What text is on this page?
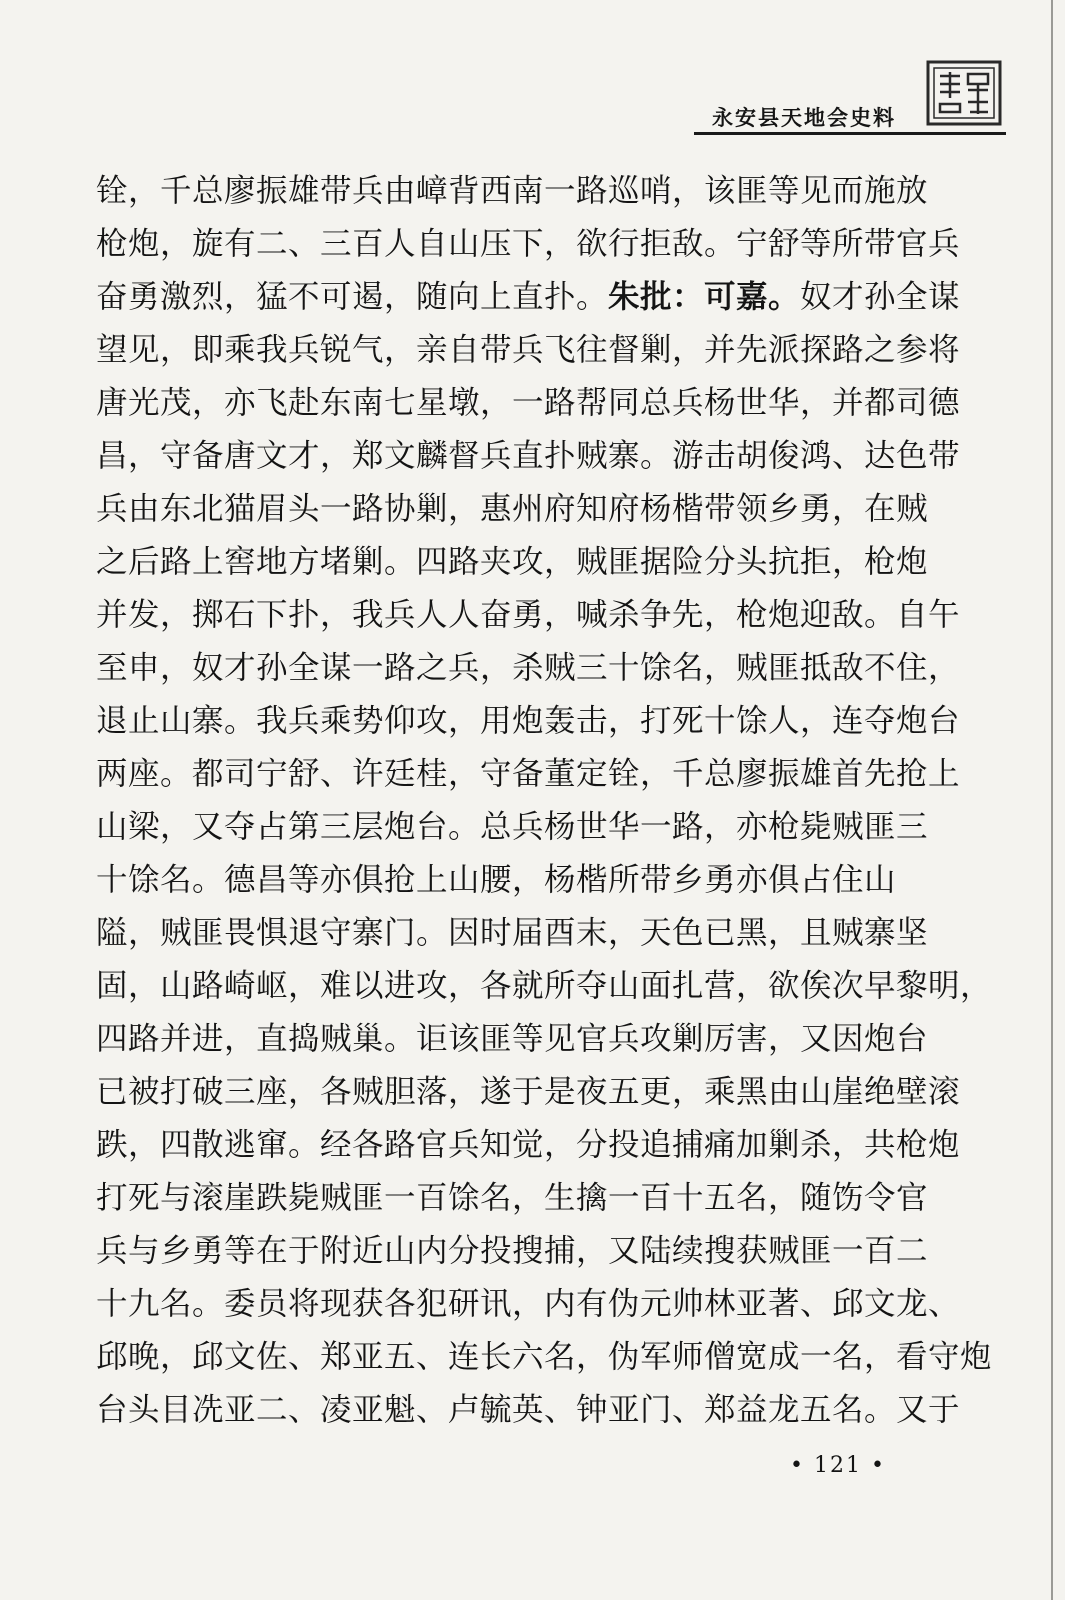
永安县天地会史料
铨，千总廖振雄带兵由嶂背西南一路巡哨，该匪等见而施放
枪炮，旋有二、三百人自山压下，欲行拒敌。宁舒等所带官兵
奋勇激烈，猛不可遏，随向上直扑。朱批：可嘉。奴才孙全谋
望见，即乘我兵锐气，亲自带兵飞往督剿，并先派探路之参将
唐光茂，亦飞赴东南七星墩，一路帮同总兵杨世华，并都司德
昌，守备唐文才，郑文麟督兵直扑贼寨。游击胡俊鸿、达色带
兵由东北猫眉头一路协剿，惠州府知府杨楷带领乡勇，在贼
之后路上窖地方堵剿。四路夹攻，贼匪据险分头抗拒，枪炮
并发，掷石下扑，我兵人人奋勇，喊杀争先，枪炮迎敌。自午
至申，奴才孙全谋一路之兵，杀贼三十馀名，贼匪抵敌不住，
退止山寨。我兵乘势仰攻，用炮轰击，打死十馀人，连夺炮台
两座。都司宁舒、许廷桂，守备董定铨，千总廖振雄首先抢上
山梁，又夺占第三层炮台。总兵杨世华一路，亦枪毙贼匪三
十馀名。德昌等亦俱抢上山腰，杨楷所带乡勇亦俱占住山
隘，贼匪畏惧退守寨门。因时届酉末，天色已黑，且贼寨坚
固，山路崎岖，难以进攻，各就所夺山面扎营，欲俟次早黎明，
四路并进，直捣贼巢。讵该匪等见官兵攻剿厉害，又因炮台
已被打破三座，各贼胆落，遂于是夜五更，乘黑由山崖绝壁滚
跌，四散逃窜。经各路官兵知觉，分投追捕痛加剿杀，共枪炮
打死与滚崖跌毙贼匪一百馀名，生擒一百十五名，随饬令官
兵与乡勇等在于附近山内分投搜捕，又陆续搜获贼匪一百二
十九名。委员将现获各犯研讯，内有伪元帅林亚著、邱文龙、
邱晚，邱文佐、郑亚五、连长六名，伪军师僧宽成一名，看守炮
台头目冼亚二、凌亚魁、卢毓英、钟亚门、郑益龙五名。又于
• 121 •
